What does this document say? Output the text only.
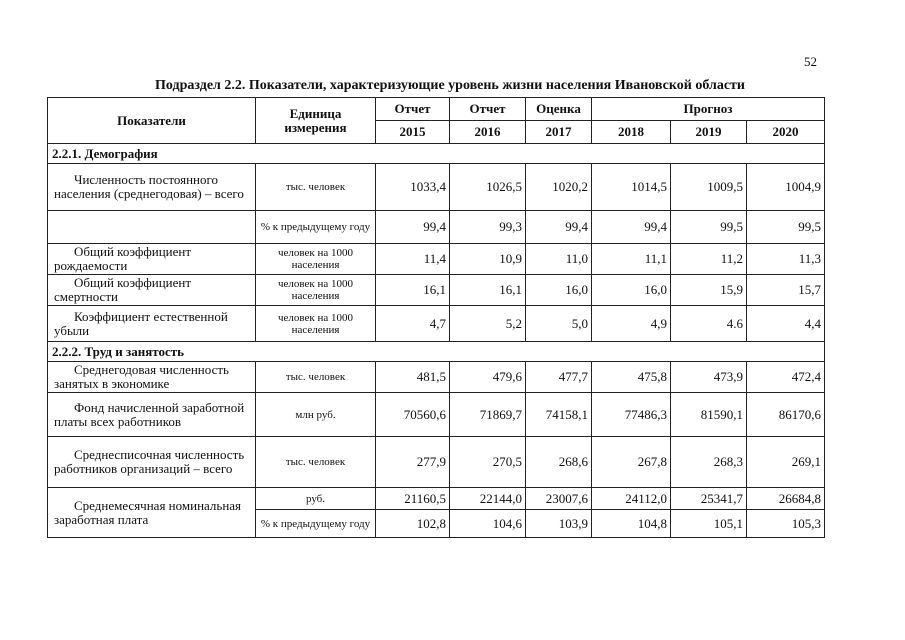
52
Подраздел 2.2. Показатели, характеризующие уровень жизни населения Ивановской области
Показатели	Единица измерения	Отчет	Отчет	Оценка	Прогноз		
		2015	2016	2017	2018	2019	2020
2.2.1. Демография							

Численность постоянного населения (среднегодовая) – всего	тыс. человек	1033,4	1026,5	1020,2	1014,5	1009,5	1004,9

	% к предыдущему году	99,4	99,3	99,4	99,4	99,5	99,5

Общий коэффициент рождаемости	человек на 1000 населения	11,4	10,9	11,0	11,1	11,2	11,3

Общий коэффициент смертности	человек на 1000 населения	16,1	16,1	16,0	16,0	15,9	15,7

Коэффициент естественной убыли	человек на 1000 населения	4,7	5,2	5,0	4,9	4.6	4,4
2.2.2. Труд и занятость							

Среднегодовая численность занятых в экономике	тыс. человек	481,5	479,6	477,7	475,8	473,9	472,4

Фонд начисленной заработной платы всех работников	млн руб.	70560,6	71869,7	74158,1	77486,3	81590,1	86170,6

Среднесписочная численность работников организаций – всего	тыс. человек	277,9	270,5	268,6	267,8	268,3	269,1

Среднемесячная номинальная заработная плата	руб.	21160,5	22144,0	23007,6	24112,0	25341,7	26684,8
	% к предыдущему году	102,8	104,6	103,9	104,8	105,1	105,3
